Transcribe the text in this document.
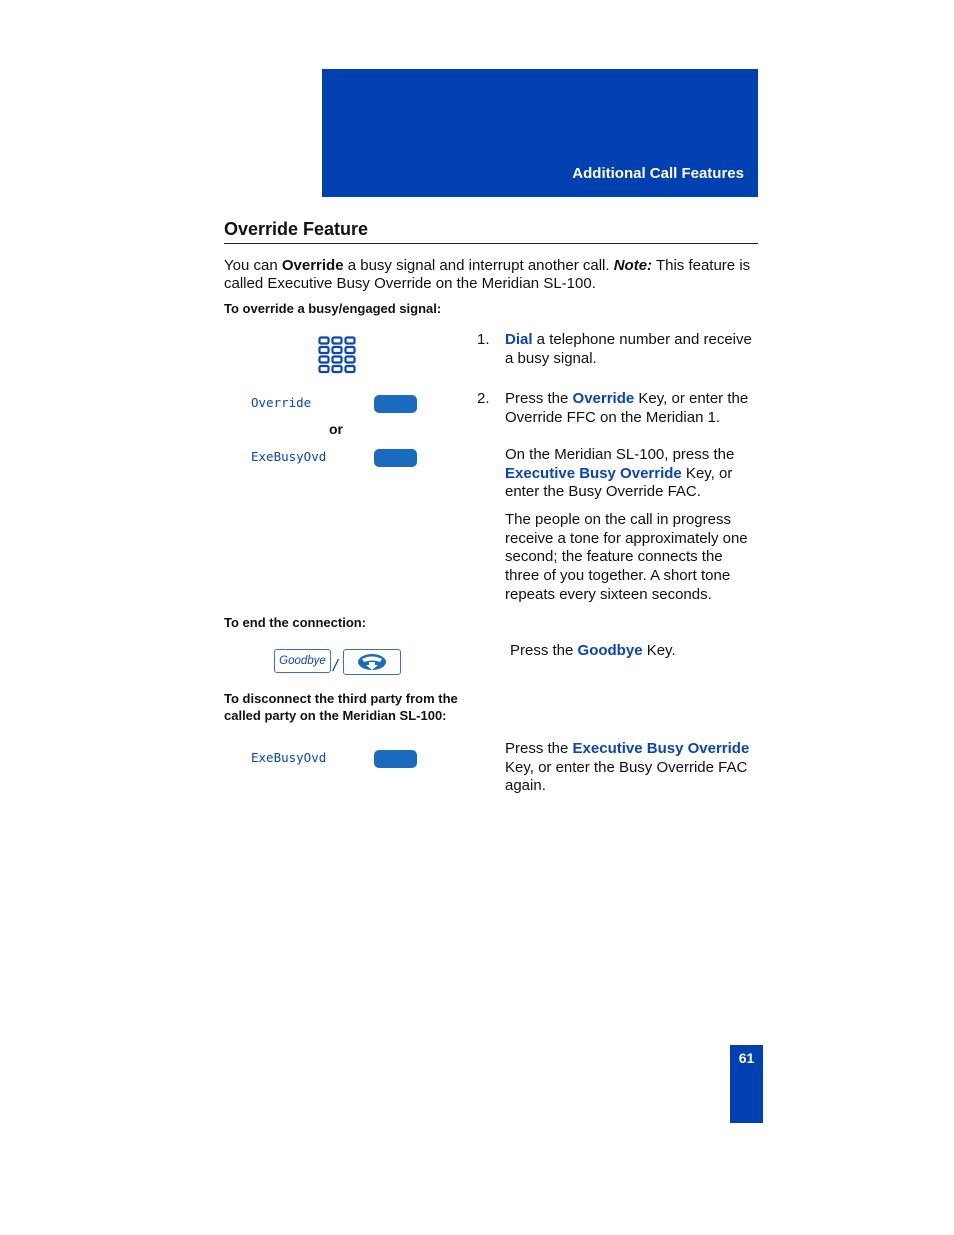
Additional Call Features
Override Feature
You can Override a busy signal and interrupt another call. Note: This feature is called Executive Busy Override on the Meridian SL-100.
To override a busy/engaged signal:
Override
or
ExeBusyOvd
1. Dial a telephone number and receive a busy signal.
2. Press the Override Key, or enter the Override FFC on the Meridian 1.
On the Meridian SL-100, press the Executive Busy Override Key, or enter the Busy Override FAC.
The people on the call in progress receive a tone for approximately one second; the feature connects the three of you together. A short tone repeats every sixteen seconds.
To end the connection:
Goodbye /
Press the Goodbye Key.
To disconnect the third party from the called party on the Meridian SL-100:
ExeBusyOvd
Press the Executive Busy Override Key, or enter the Busy Override FAC again.
61
